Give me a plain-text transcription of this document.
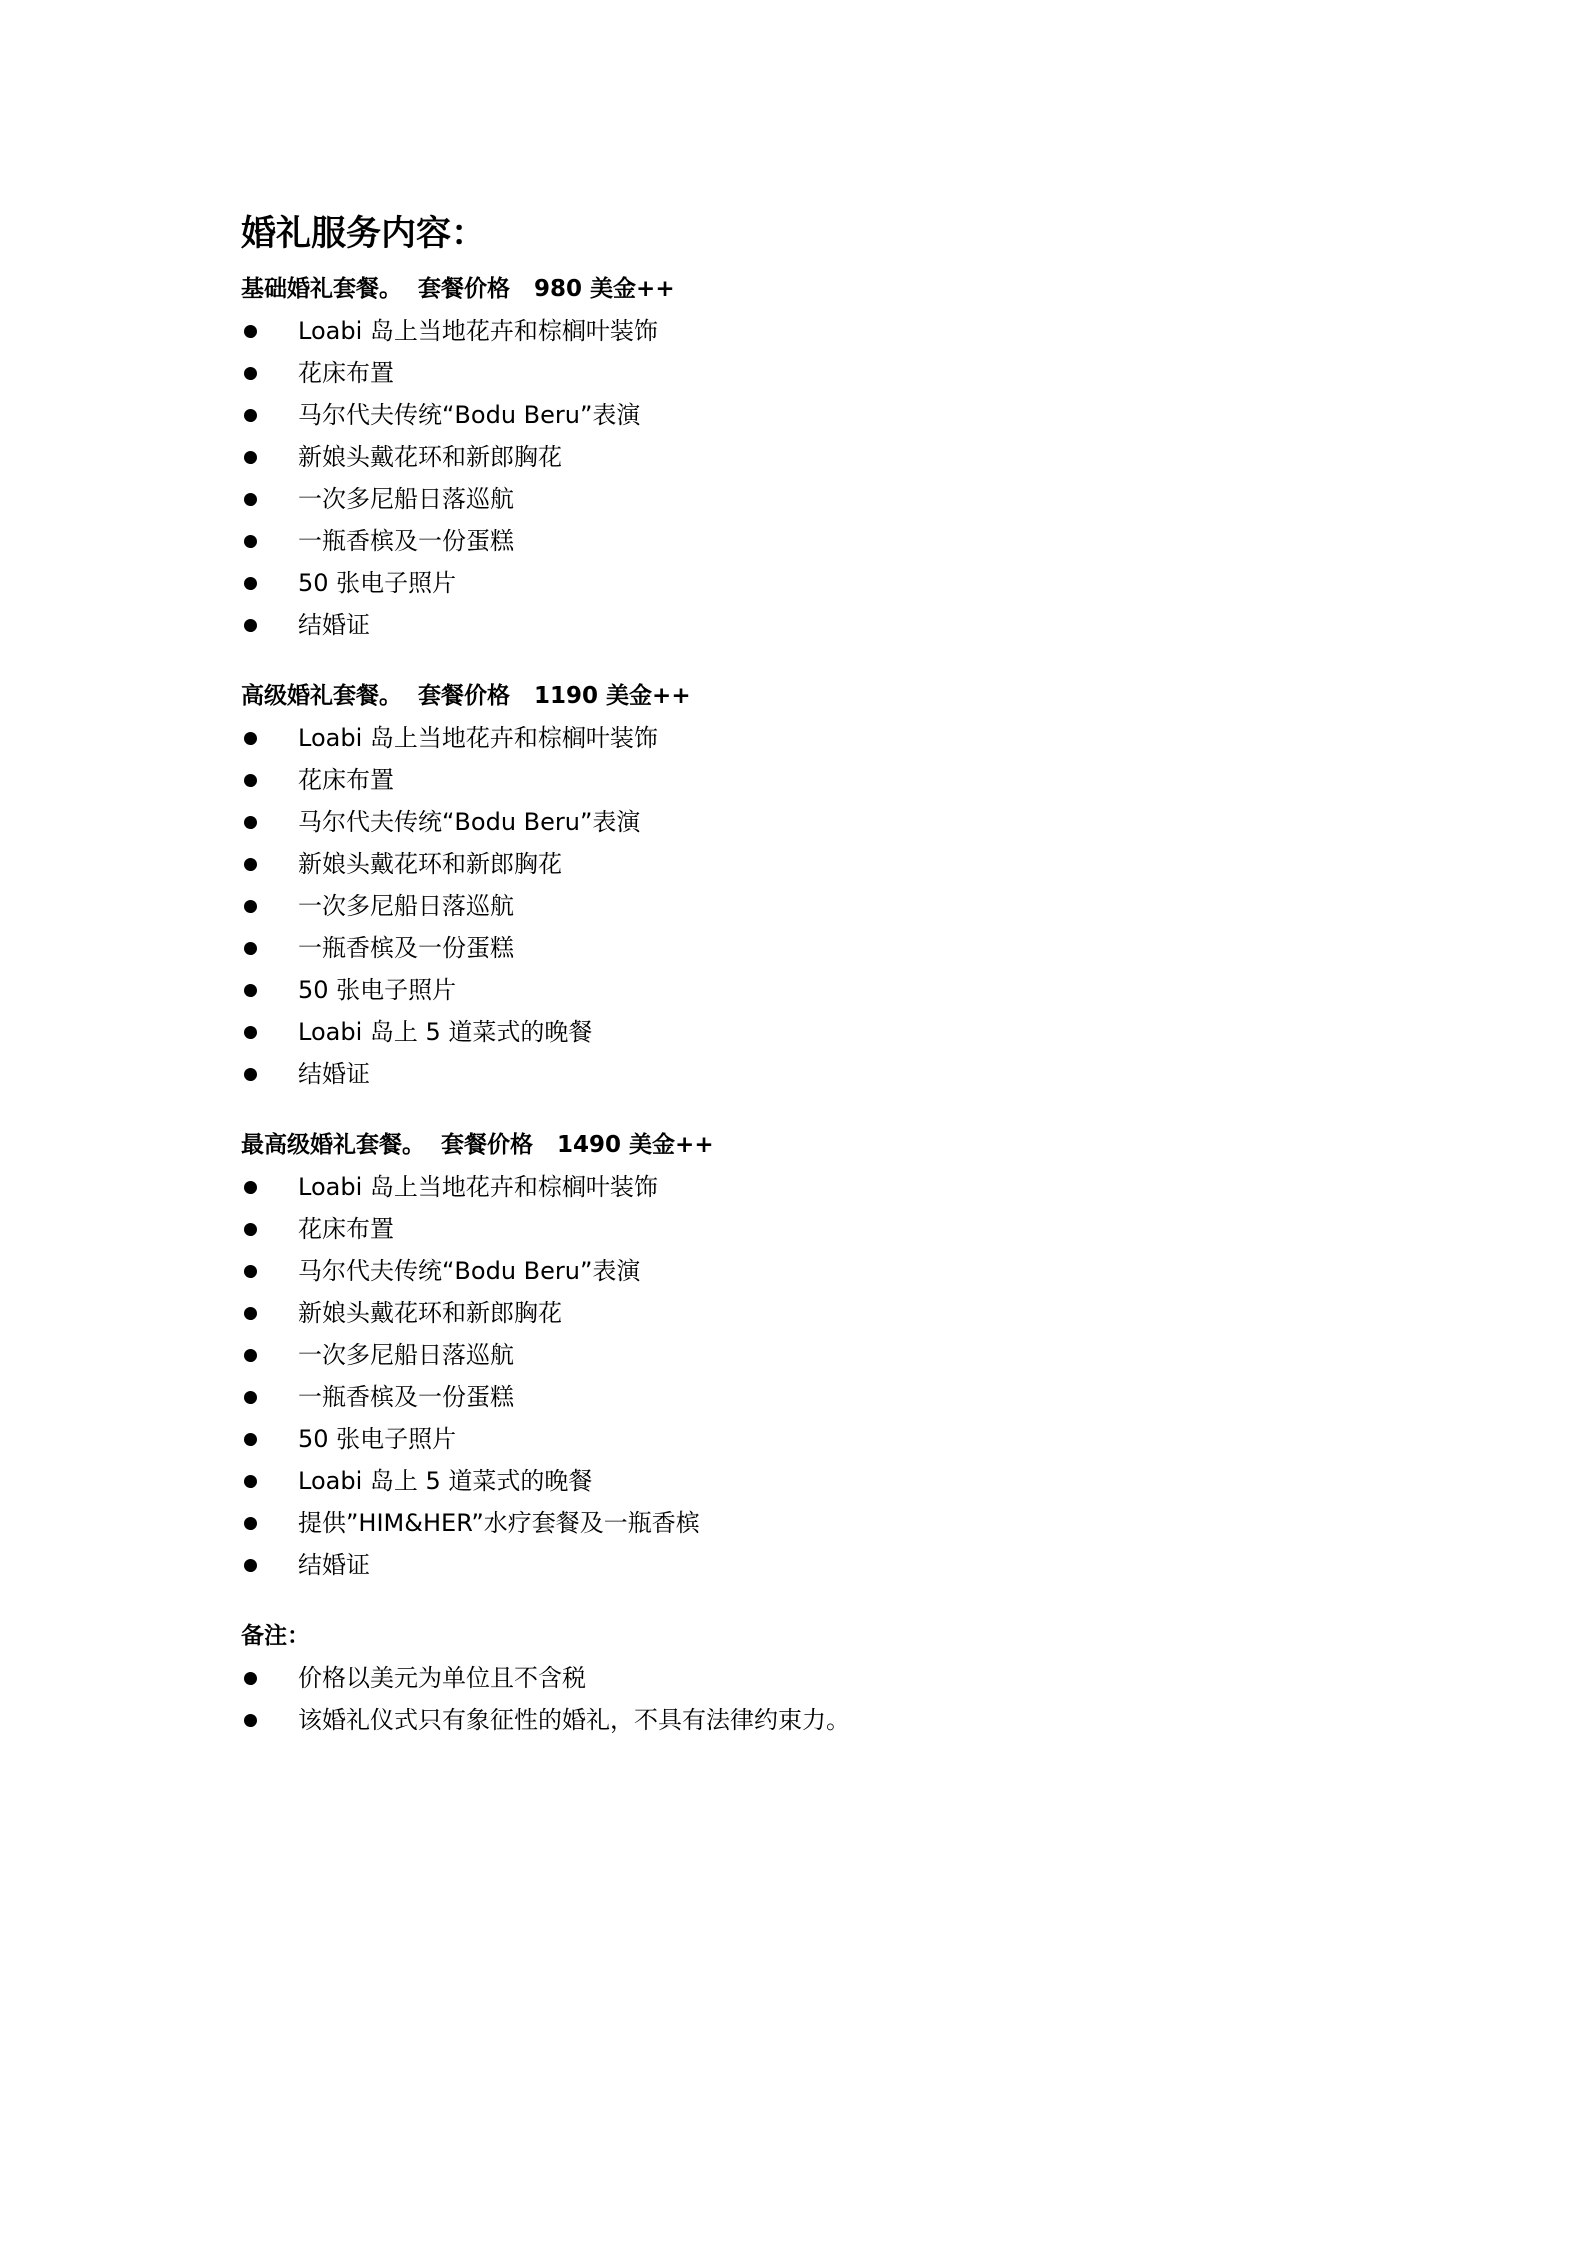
婚礼服务内容：
基础婚礼套餐。  套餐价格   980 美金++
Loabi 岛上当地花卉和棕榈叶装饰
花床布置
马尔代夫传统“Bodu Beru”表演
新娘头戴花环和新郎胸花
一次多尼船日落巡航
一瓶香槟及一份蛋糕
50 张电子照片
结婚证
高级婚礼套餐。  套餐价格   1190 美金++
Loabi 岛上当地花卉和棕榈叶装饰
花床布置
马尔代夫传统“Bodu Beru”表演
新娘头戴花环和新郎胸花
一次多尼船日落巡航
一瓶香槟及一份蛋糕
50 张电子照片
Loabi 岛上 5 道菜式的晚餐
结婚证
最高级婚礼套餐。  套餐价格   1490 美金++
Loabi 岛上当地花卉和棕榈叶装饰
花床布置
马尔代夫传统“Bodu Beru”表演
新娘头戴花环和新郎胸花
一次多尼船日落巡航
一瓶香槟及一份蛋糕
50 张电子照片
Loabi 岛上 5 道菜式的晚餐
提供”HIM&HER”水疗套餐及一瓶香槟
结婚证
备注：
价格以美元为单位且不含税
该婚礼仪式只有象征性的婚礼，不具有法律约束力。
